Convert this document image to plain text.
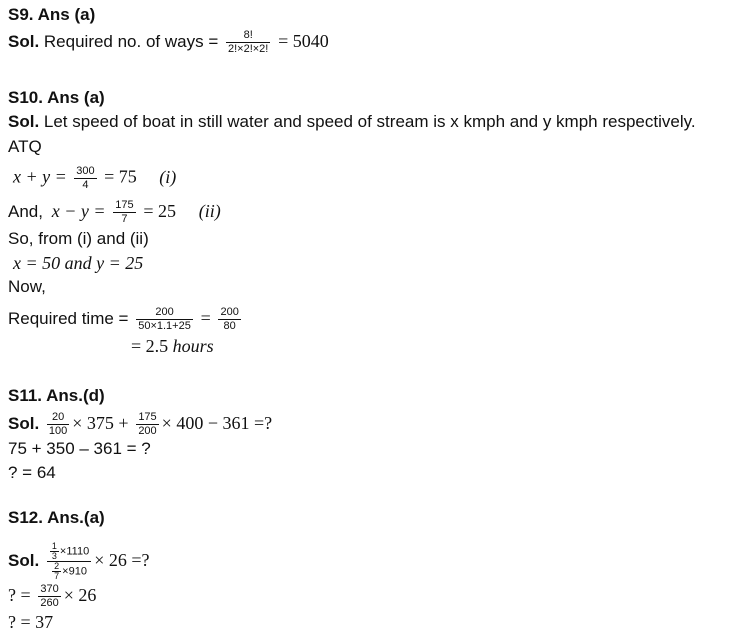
S9. Ans (a)
Sol. Required no. of ways = $\frac{8!}{2!\times 2!\times 2!} = 5040$
S10. Ans (a)
Sol. Let speed of boat in still water and speed of stream is x kmph and y kmph respectively.
ATQ
$x + y = \frac{300}{4} = 75$ (i)
And, $x - y = \frac{175}{7} = 25$ (ii)
So, from (i) and (ii)
x = 50 and y = 25
Now,
Required time = $\frac{200}{50\times 1.1+25} = \frac{200}{80}$
= 2.5 hours
S11. Ans.(d)
Sol. $\frac{20}{100} \times 375 + \frac{175}{200} \times 400 - 361$ =?
75 + 350 – 361 = ?
? = 64
S12. Ans.(a)
Sol. $\frac{\frac{1}{3} \times 1110}{\frac{2}{7} \times 910} \times 26$ =?
? = $\frac{370}{260} \times 26$
? = 37
